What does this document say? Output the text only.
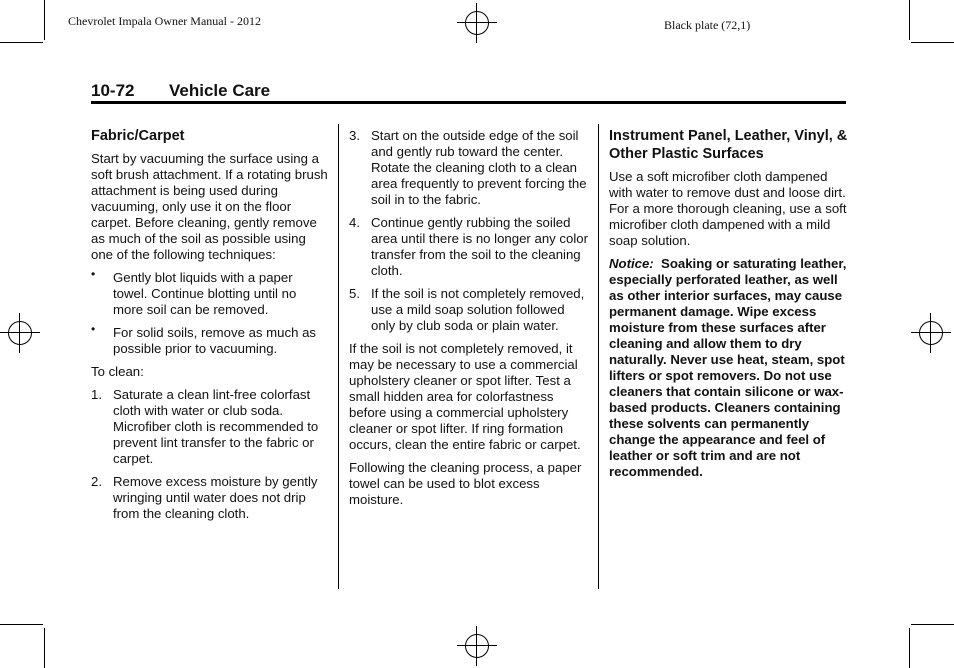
Chevrolet Impala Owner Manual - 2012	Black plate (72,1)
10-72 Vehicle Care
Fabric/Carpet

Start by vacuuming the surface using a soft brush attachment. If a rotating brush attachment is being used during vacuuming, only use it on the floor carpet. Before cleaning, gently remove as much of the soil as possible using one of the following techniques:

• Gently blot liquids with a paper towel. Continue blotting until no more soil can be removed.
• For solid soils, remove as much as possible prior to vacuuming.

To clean:

1. Saturate a clean lint-free colorfast cloth with water or club soda. Microfiber cloth is recommended to prevent lint transfer to the fabric or carpet.
2. Remove excess moisture by gently wringing until water does not drip from the cleaning cloth.
3. Start on the outside edge of the soil and gently rub toward the center. Rotate the cleaning cloth to a clean area frequently to prevent forcing the soil in to the fabric.
4. Continue gently rubbing the soiled area until there is no longer any color transfer from the soil to the cleaning cloth.
5. If the soil is not completely removed, use a mild soap solution followed only by club soda or plain water.

If the soil is not completely removed, it may be necessary to use a commercial upholstery cleaner or spot lifter. Test a small hidden area for colorfastness before using a commercial upholstery cleaner or spot lifter. If ring formation occurs, clean the entire fabric or carpet.

Following the cleaning process, a paper towel can be used to blot excess moisture.

Instrument Panel, Leather, Vinyl, & Other Plastic Surfaces

Use a soft microfiber cloth dampened with water to remove dust and loose dirt. For a more thorough cleaning, use a soft microfiber cloth dampened with a mild soap solution.

Notice: Soaking or saturating leather, especially perforated leather, as well as other interior surfaces, may cause permanent damage. Wipe excess moisture from these surfaces after cleaning and allow them to dry naturally. Never use heat, steam, spot lifters or spot removers. Do not use cleaners that contain silicone or wax-based products. Cleaners containing these solvents can permanently change the appearance and feel of leather or soft trim and are not recommended.
